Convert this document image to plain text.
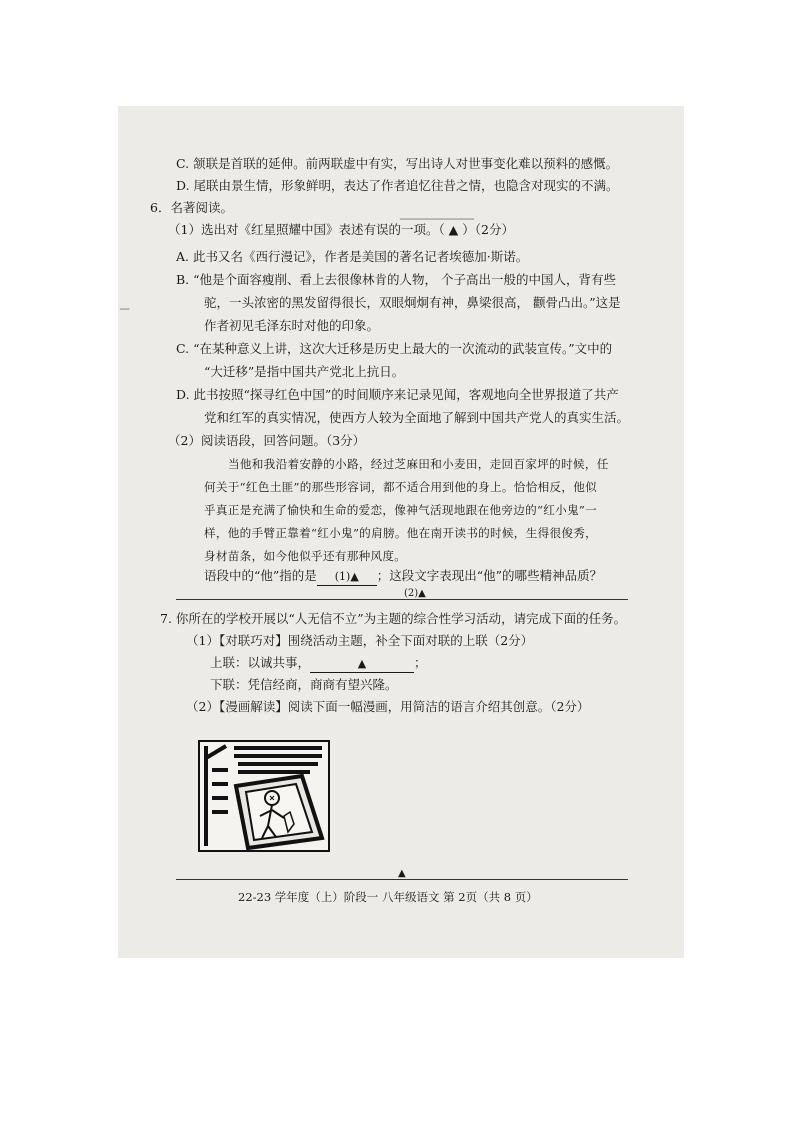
▁▁▁▁▁▁▁▁
▁
C. 颔联是首联的延伸。前两联虚中有实，写出诗人对世事变化难以预料的感慨。
D. 尾联由景生情，形象鲜明，表达了作者追忆往昔之情，也隐含对现实的不满。
6．名著阅读。
（1）选出对《红星照耀中国》表述有误的一项。（ ▲ ）（2分）
A. 此书又名《西行漫记》，作者是美国的著名记者埃德加·斯诺。
B. “他是个面容瘦削、看上去很像林肯的人物， 个子高出一般的中国人，背有些
驼，一头浓密的黑发留得很长，双眼炯炯有神，鼻梁很高， 颧骨凸出。”这是
作者初见毛泽东时对他的印象。
C. “在某种意义上讲，这次大迁移是历史上最大的一次流动的武装宣传。”文中的
“大迁移”是指中国共产党北上抗日。
D. 此书按照“探寻红色中国”的时间顺序来记录见闻，客观地向全世界报道了共产
党和红军的真实情况，使西方人较为全面地了解到中国共产党人的真实生活。
（2）阅读语段，回答问题。（3分）
当他和我沿着安静的小路，经过芝麻田和小麦田，走回百家坪的时候，任
何关于“红色土匪”的那些形容词，都不适合用到他的身上。恰恰相反，他似
乎真正是充满了愉快和生命的爱恋，像神气活现地跟在他旁边的“红小鬼”一
样，他的手臂正靠着“红小鬼”的肩膀。他在南开读书的时候，生得很俊秀，
身材苗条，如今他似乎还有那种风度。
语段中的“他”指的是 (1)▲ ；这段文字表现出“他”的哪些精神品质？
(2)▲
7. 你所在的学校开展以“人无信不立”为主题的综合性学习活动，请完成下面的任务。
（1）【对联巧对】围绕活动主题，补全下面对联的上联（2分）
上联：以诚共事，	▲	；
下联：凭信经商，商商有望兴隆。
（2）【漫画解读】阅读下面一幅漫画，用简洁的语言介绍其创意。（2分）
▲
22-23 学年度（上）阶段一 八年级语文 第 2页（共 8 页）
